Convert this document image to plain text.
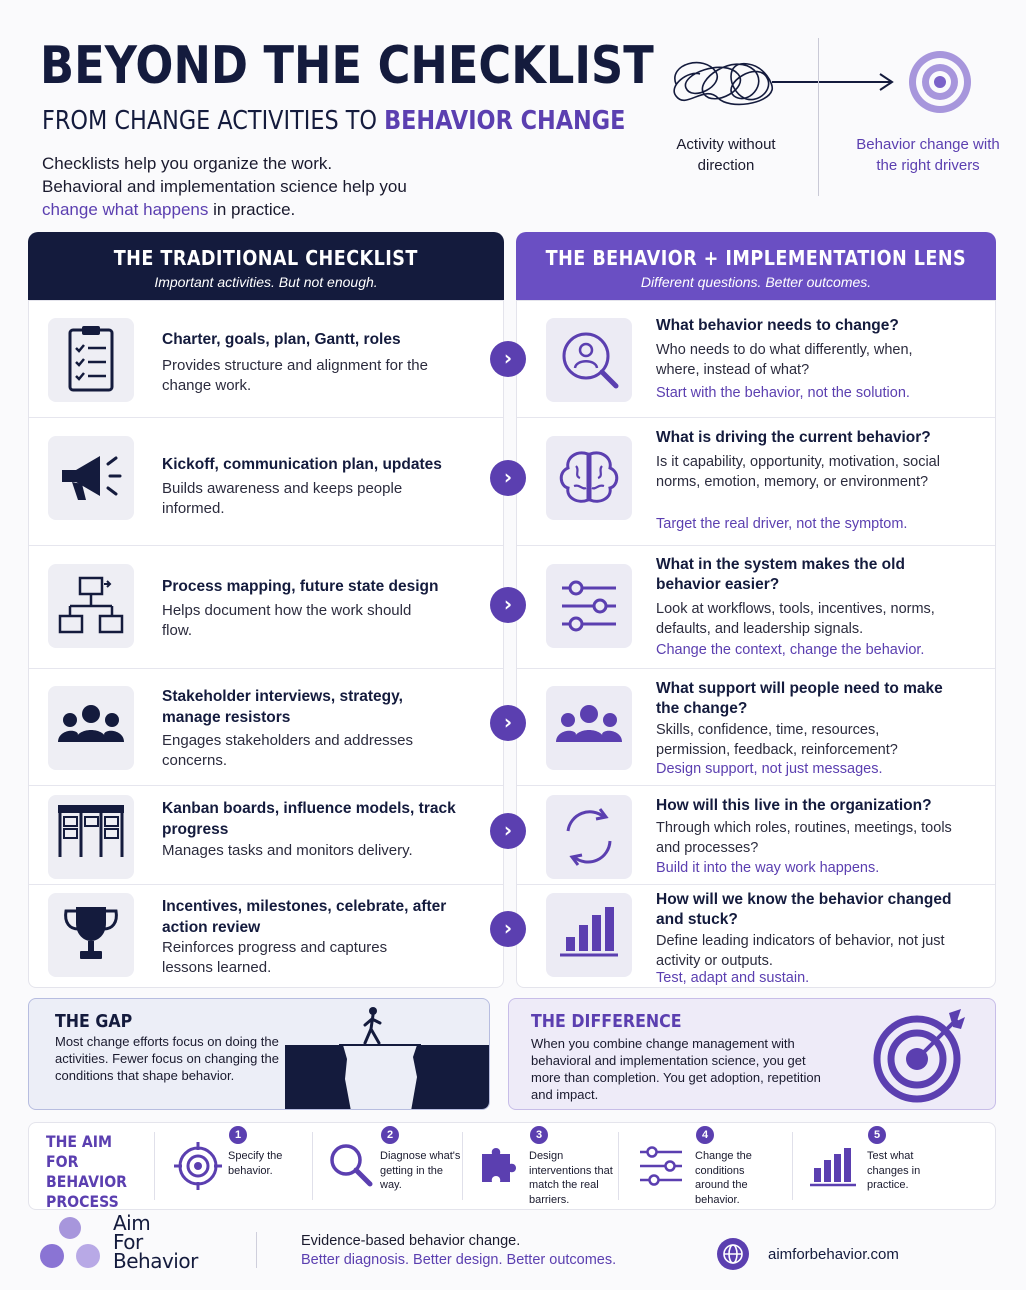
BEYOND THE CHECKLIST
FROM CHANGE ACTIVITIES TO BEHAVIOR CHANGE
Checklists help you organize the work.
Behavioral and implementation science help you
change what happens in practice.
Activity without direction
Behavior change with the right drivers
THE TRADITIONAL CHECKLIST
Important activities. But not enough.
THE BEHAVIOR + IMPLEMENTATION LENS
Different questions. Better outcomes.
Charter, goals, plan, Gantt, roles
Provides structure and alignment for the change work.
›
What behavior needs to change?
Who needs to do what differently, when, where, instead of what?
Start with the behavior, not the solution.
Kickoff, communication plan, updates
Builds awareness and keeps people informed.
›
What is driving the current behavior?
Is it capability, opportunity, motivation, social norms, emotion, memory, or environment?
Target the real driver, not the symptom.
Process mapping, future state design
Helps document how the work should flow.
›
What in the system makes the old behavior easier?
Look at workflows, tools, incentives, norms, defaults, and leadership signals.
Change the context, change the behavior.
Stakeholder interviews, strategy, manage resistors
Engages stakeholders and addresses concerns.
›
What support will people need to make the change?
Skills, confidence, time, resources, permission, feedback, reinforcement?
Design support, not just messages.
Kanban boards, influence models, track progress
Manages tasks and monitors delivery.
›
How will this live in the organization?
Through which roles, routines, meetings, tools and processes?
Build it into the way work happens.
Incentives, milestones, celebrate, after action review
Reinforces progress and captures lessons learned.
›
How will we know the behavior changed and stuck?
Define leading indicators of behavior, not just activity or outputs.
Test, adapt and sustain.
THE GAP
Most change efforts focus on doing the activities. Fewer focus on changing the conditions that shape behavior.
THE DIFFERENCE
When you combine change management with behavioral and implementation science, you get more than completion. You get adoption, repetition and impact.
THE AIM FOR BEHAVIOR PROCESS
1
Specify the behavior.
2
Diagnose what's getting in the way.
3
Design interventions that match the real barriers.
4
Change the conditions around the behavior.
5
Test what changes in practice.
Aim
For
Behavior
Evidence-based behavior change.
Better diagnosis. Better design. Better outcomes.	aimforbehavior.com
